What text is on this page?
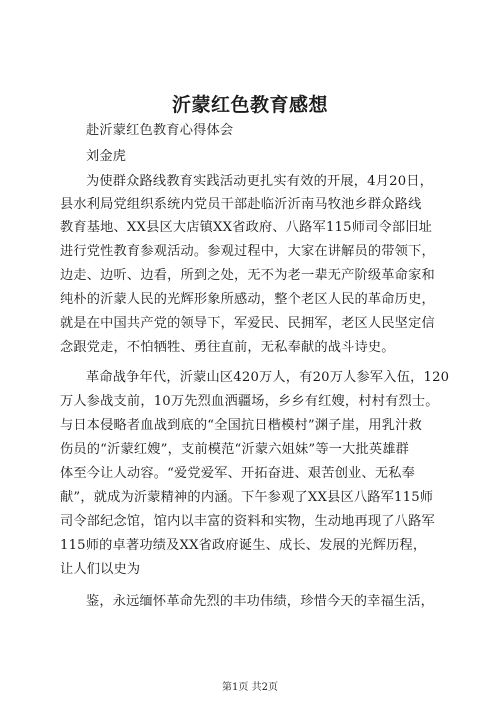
沂蒙红色教育感想
赴沂蒙红色教育心得体会
刘金虎
为使群众路线教育实践活动更扎实有效的开展，4月20日，
县水利局党组织系统内党员干部赴临沂沂南马牧池乡群众路线
教育基地、XX县区大店镇XX省政府、八路军115师司令部旧址
进行党性教育参观活动。参观过程中，大家在讲解员的带领下，
边走、边听、边看，所到之处，无不为老一辈无产阶级革命家和
纯朴的沂蒙人民的光辉形象所感动，整个老区人民的革命历史，
就是在中国共产党的领导下，军爱民、民拥军，老区人民坚定信
念跟党走，不怕牺牲、勇往直前，无私奉献的战斗诗史。
革命战争年代，沂蒙山区420万人，有20万人参军入伍，120
万人参战支前，10万先烈血洒疆场，乡乡有红嫂，村村有烈士。
与日本侵略者血战到底的“全国抗日楷模村”渊子崖，用乳汁救
伤员的“沂蒙红嫂”，支前模范“沂蒙六姐妹”等一大批英雄群
体至今让人动容。“爱党爱军、开拓奋进、艰苦创业、无私奉
献”，就成为沂蒙精神的内涵。下午参观了XX县区八路军115师
司令部纪念馆，馆内以丰富的资料和实物，生动地再现了八路军
115师的卓著功绩及XX省政府诞生、成长、发展的光辉历程，
让人们以史为
鉴，永远缅怀革命先烈的丰功伟绩，珍惜今天的幸福生活，
第1页 共2页
